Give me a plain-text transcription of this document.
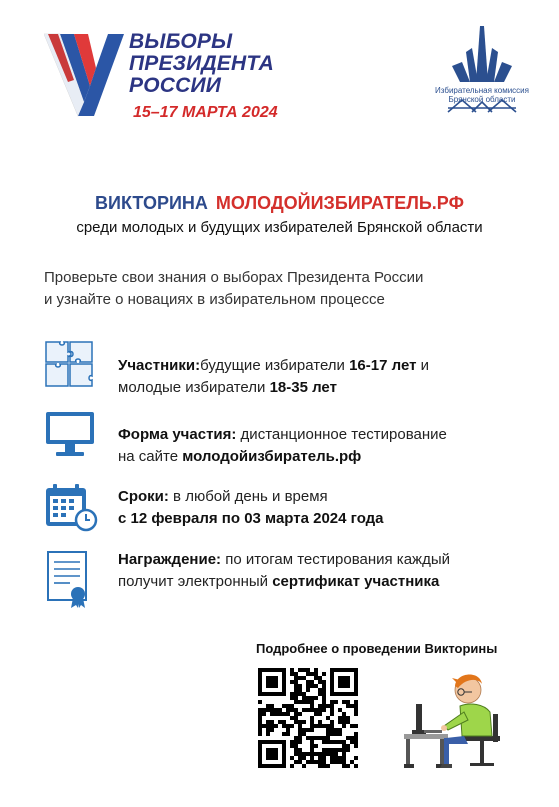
ВЫБОРЫ
ПРЕЗИДЕНТА
РОССИИ
15–17 МАРТА 2024
Избирательная комиссия
Брянской области
ВИКТОРИНА МОЛОДОЙИЗБИРАТЕЛЬ.РФ
среди молодых и будущих избирателей Брянской области
Проверьте свои знания о выборах Президента России
и узнайте о новациях в избирательном процессе
Участники:будущие избиратели 16-17 лет и
молодые избиратели 18-35 лет
Форма участия: дистанционное тестирование
на сайте молодойизбиратель.рф
Сроки: в любой день и время
с 12 февраля по 03 марта 2024 года
Награждение: по итогам тестирования каждый
получит электронный сертификат участника
Подробнее о проведении Викторины
